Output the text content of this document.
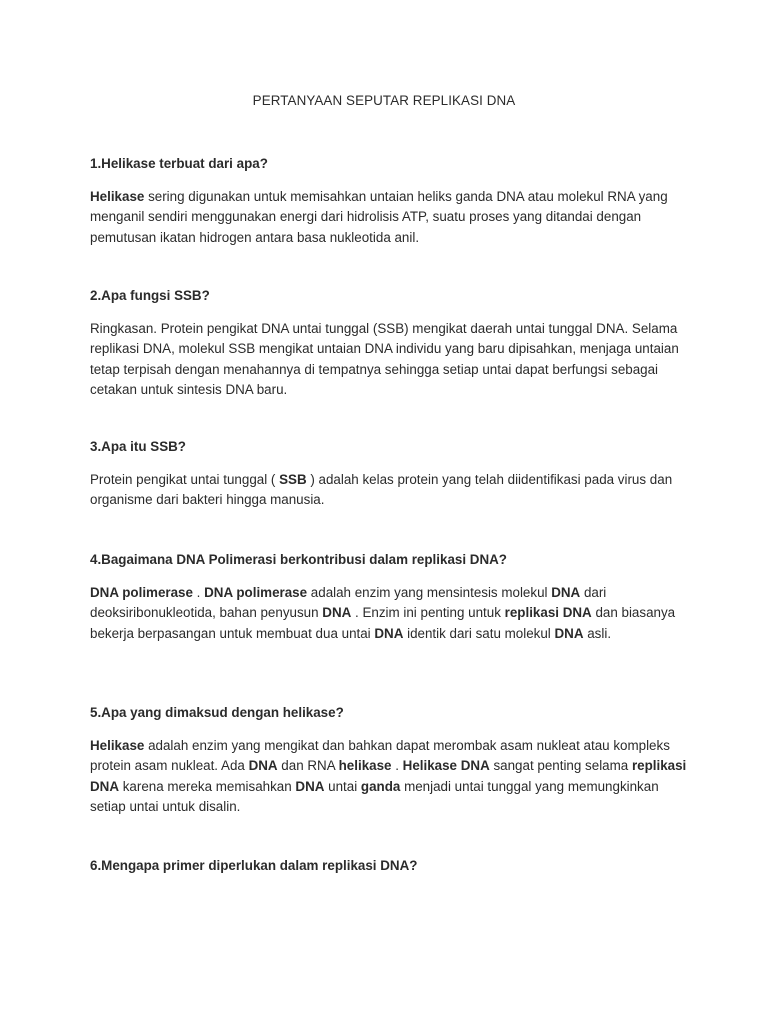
PERTANYAAN SEPUTAR REPLIKASI DNA

1.Helikase terbuat dari apa?

Helikase sering digunakan untuk memisahkan untaian heliks ganda DNA atau molekul RNA yang menganil sendiri menggunakan energi dari hidrolisis ATP, suatu proses yang ditandai dengan pemutusan ikatan hidrogen antara basa nukleotida anil.

2.Apa fungsi SSB?

Ringkasan. Protein pengikat DNA untai tunggal (SSB) mengikat daerah untai tunggal DNA. Selama replikasi DNA, molekul SSB mengikat untaian DNA individu yang baru dipisahkan, menjaga untaian tetap terpisah dengan menahannya di tempatnya sehingga setiap untai dapat berfungsi sebagai cetakan untuk sintesis DNA baru.

3.Apa itu SSB?

Protein pengikat untai tunggal ( SSB ) adalah kelas protein yang telah diidentifikasi pada virus dan organisme dari bakteri hingga manusia.

4.Bagaimana DNA Polimerasi berkontribusi dalam replikasi DNA?

DNA polimerase . DNA polimerase adalah enzim yang mensintesis molekul DNA dari deoksiribonukleotida, bahan penyusun DNA . Enzim ini penting untuk replikasi DNA dan biasanya bekerja berpasangan untuk membuat dua untai DNA identik dari satu molekul DNA asli.

5.Apa yang dimaksud dengan helikase?

Helikase adalah enzim yang mengikat dan bahkan dapat merombak asam nukleat atau kompleks protein asam nukleat. Ada DNA dan RNA helikase . Helikase DNA sangat penting selama replikasi DNA karena mereka memisahkan DNA untai ganda menjadi untai tunggal yang memungkinkan setiap untai untuk disalin.

6.Mengapa primer diperlukan dalam replikasi DNA?
